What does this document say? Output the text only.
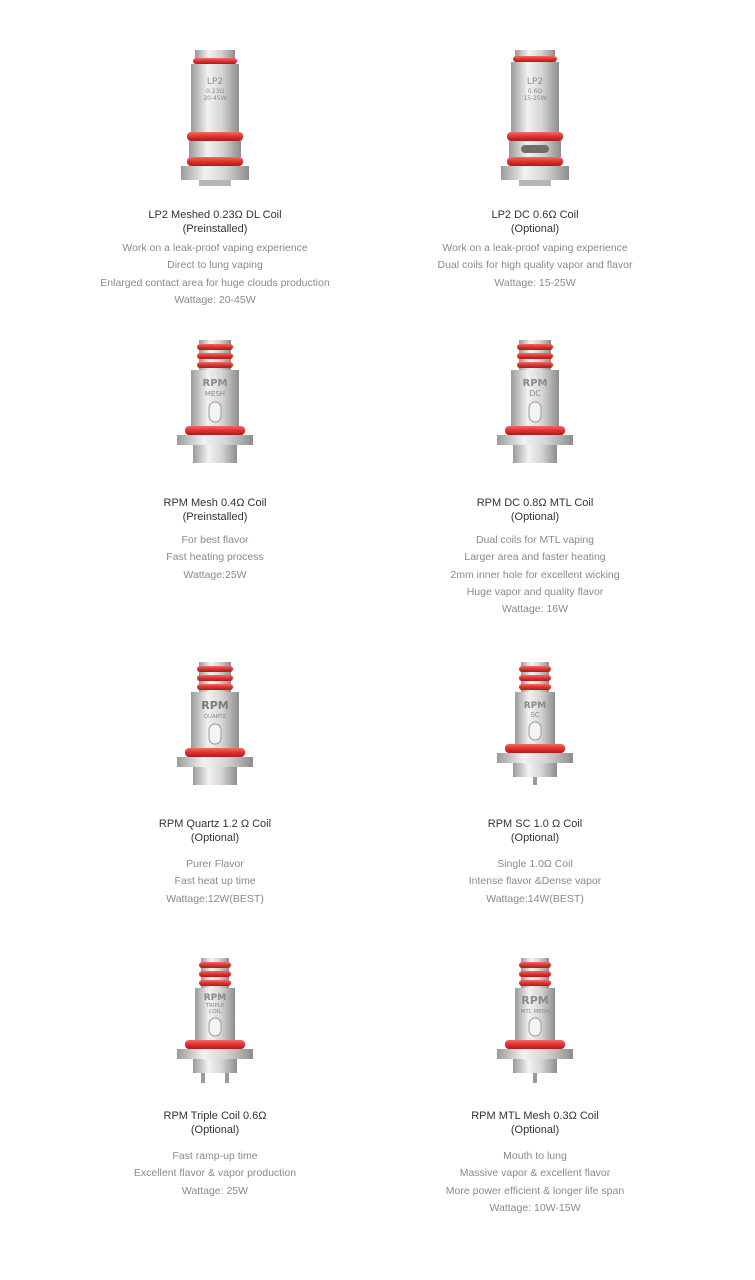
LP2
0.23Ω
20-45W
LP2 Meshed 0.23Ω DL Coil
(Preinstalled)
Work on a leak-proof vaping experience
Direct to lung vaping
Enlarged contact area for huge clouds production
Wattage: 20-45W
LP2
0.6Ω
15-25W
LP2 DC 0.6Ω Coil
(Optional)
Work on a leak-proof vaping experience
Dual coils for high quality vapor and flavor
Wattage: 15-25W
RPM
MESH
RPM Mesh 0.4Ω Coil
(Preinstalled)
For best flavor
Fast heating process
Wattage:25W
RPM
DC
RPM DC 0.8Ω MTL Coil
(Optional)
Dual coils for MTL vaping
Larger area and faster heating
2mm inner hole for excellent wicking
Huge vapor and quality flavor
Wattage: 16W
RPM
QUARTZ
RPM Quartz 1.2 Ω Coil
(Optional)
Purer Flavor
Fast heat up time
Wattage:12W(BEST)
RPM
SC
RPM SC 1.0 Ω Coil
(Optional)
Single 1.0Ω Coil
Intense flavor &Dense vapor
Wattage:14W(BEST)
RPM
TRIPLE
COIL
RPM Triple Coil 0.6Ω
(Optional)
Fast ramp-up time
Excellent flavor & vapor production
Wattage: 25W
RPM
MTL MESH
RPM MTL Mesh 0.3Ω Coil
(Optional)
Mouth to lung
Massive vapor & excellent flavor
More power efficient & longer life span
Wattage: 10W-15W
